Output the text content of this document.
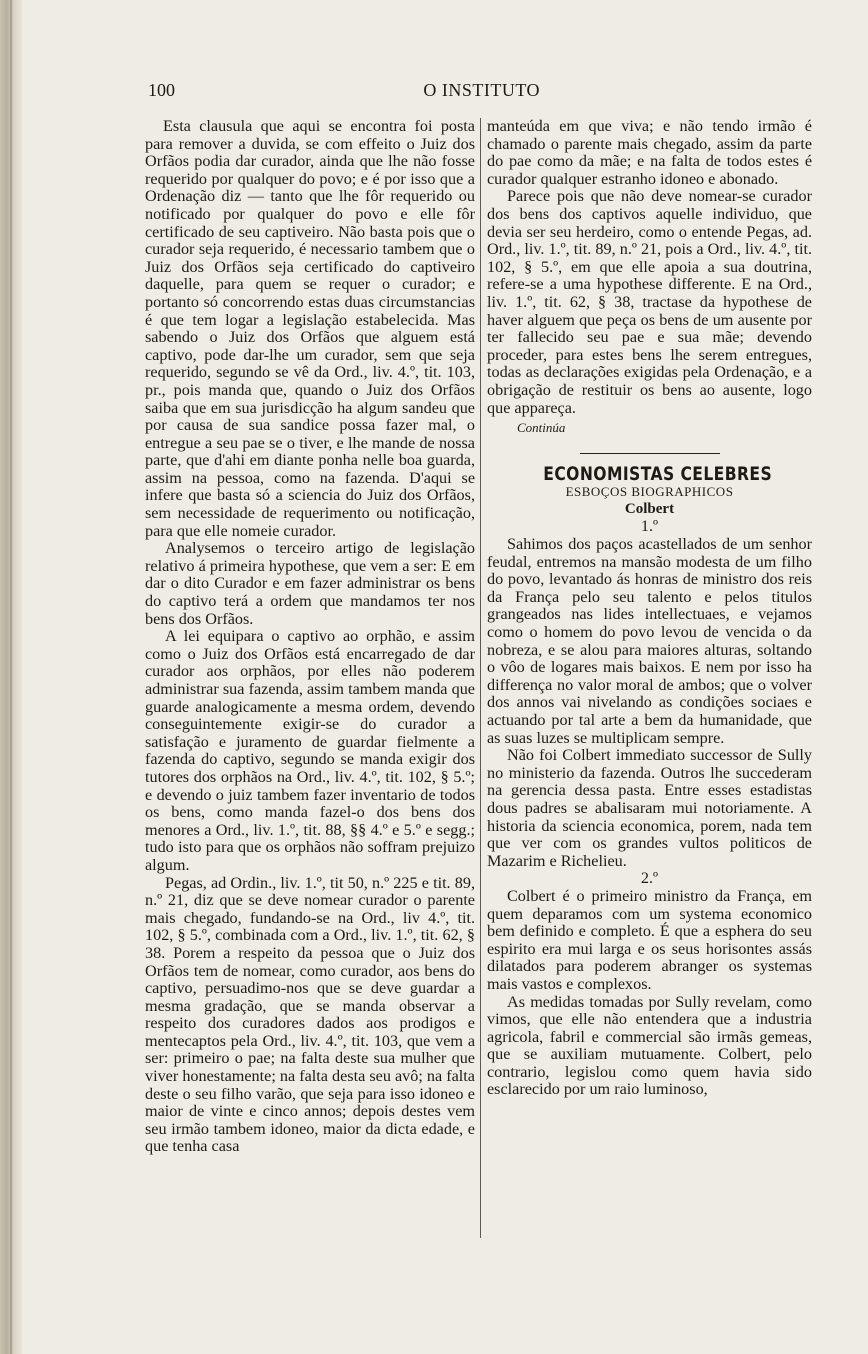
100	O INSTITUTO

Esta clausula que aqui se encontra foi posta para remover a duvida, se com effeito o Juiz dos Orfãos podia dar curador, ainda que lhe não fosse requerido por qualquer do povo; e é por isso que a Ordenação diz — tanto que lhe fôr requerido ou notificado por qualquer do povo e elle fôr certificado de seu captiveiro. Não basta pois que o curador seja requerido, é necessario tambem que o Juiz dos Orfãos seja certificado do captiveiro daquelle, para quem se requer o curador; e portanto só concorrendo estas duas circumstancias é que tem logar a legislação estabelecida. Mas sabendo o Juiz dos Orfãos que alguem está captivo, pode dar-lhe um curador, sem que seja requerido, segundo se vê da Ord., liv. 4.º, tit. 103, pr., pois manda que, quando o Juiz dos Orfãos saiba que em sua jurisdicção ha algum sandeu que por causa de sua sandice possa fazer mal, o entregue a seu pae se o tiver, e lhe mande de nossa parte, que d'ahi em diante ponha nelle boa guarda, assim na pessoa, como na fazenda. D'aqui se infere que basta só a sciencia do Juiz dos Orfãos, sem necessidade de requerimento ou notificação, para que elle nomeie curador.

Analysemos o terceiro artigo de legislação relativo á primeira hypothese, que vem a ser: E em dar o dito Curador e em fazer administrar os bens do captivo terá a ordem que mandamos ter nos bens dos Orfãos.

A lei equipara o captivo ao orphão, e assim como o Juiz dos Orfãos está encarregado de dar curador aos orphãos, por elles não poderem administrar sua fazenda, assim tambem manda que guarde analogicamente a mesma ordem, devendo conseguintemente exigir-se do curador a satisfação e juramento de guardar fielmente a fazenda do captivo, segundo se manda exigir dos tutores dos orphãos na Ord., liv. 4.º, tit. 102, § 5.º; e devendo o juiz tambem fazer inventario de todos os bens, como manda fazel-o dos bens dos menores a Ord., liv. 1.º, tit. 88, §§ 4.º e 5.º e segg.; tudo isto para que os orphãos não soffram prejuizo algum.

Pegas, ad Ordin., liv. 1.º, tit 50, n.º 225 e tit. 89, n.º 21, diz que se deve nomear curador o parente mais chegado, fundando-se na Ord., liv 4.º, tit. 102, § 5.º, combinada com a Ord., liv. 1.º, tit. 62, § 38. Porem a respeito da pessoa que o Juiz dos Orfãos tem de nomear, como curador, aos bens do captivo, persuadimo-nos que se deve guardar a mesma gradação, que se manda observar a respeito dos curadores dados aos prodigos e mentecaptos pela Ord., liv. 4.º, tit. 103, que vem a ser: primeiro o pae; na falta deste sua mulher que viver honestamente; na falta desta seu avô; na falta deste o seu filho varão, que seja para isso idoneo e maior de vinte e cinco annos; depois destes vem seu irmão tambem idoneo, maior da dicta edade, e que tenha casa

manteúda em que viva; e não tendo irmão é chamado o parente mais chegado, assim da parte do pae como da mãe; e na falta de todos estes é curador qualquer estranho idoneo e abonado.

Parece pois que não deve nomear-se curador dos bens dos captivos aquelle individuo, que devia ser seu herdeiro, como o entende Pegas, ad. Ord., liv. 1.º, tit. 89, n.º 21, pois a Ord., liv. 4.º, tit. 102, § 5.º, em que elle apoia a sua doutrina, refere-se a uma hypothese differente. E na Ord., liv. 1.º, tit. 62, § 38, tractase da hypothese de haver alguem que peça os bens de um ausente por ter fallecido seu pae e sua mãe; devendo proceder, para estes bens lhe serem entregues, todas as declarações exigidas pela Ordenação, e a obrigação de restituir os bens ao ausente, logo que appareça.

Continúa

ECONOMISTAS CELEBRES

ESBOÇOS BIOGRAPHICOS

Colbert

1.º

Sahimos dos paços acastellados de um senhor feudal, entremos na mansão modesta de um filho do povo, levantado ás honras de ministro dos reis da França pelo seu talento e pelos titulos grangeados nas lides intellectuaes, e vejamos como o homem do povo levou de vencida o da nobreza, e se alou para maiores alturas, soltando o vôo de logares mais baixos. E nem por isso ha differença no valor moral de ambos; que o volver dos annos vai nivelando as condições sociaes e actuando por tal arte a bem da humanidade, que as suas luzes se multiplicam sempre.

Não foi Colbert immediato successor de Sully no ministerio da fazenda. Outros lhe succederam na gerencia dessa pasta. Entre esses estadistas dous padres se abalisaram mui notoriamente. A historia da sciencia economica, porem, nada tem que ver com os grandes vultos politicos de Mazarim e Richelieu.

2.º

Colbert é o primeiro ministro da França, em quem deparamos com um systema economico bem definido e completo. É que a esphera do seu espirito era mui larga e os seus horisontes assás dilatados para poderem abranger os systemas mais vastos e complexos.

As medidas tomadas por Sully revelam, como vimos, que elle não entendera que a industria agricola, fabril e commercial são irmãs gemeas, que se auxiliam mutuamente. Colbert, pelo contrario, legislou como quem havia sido esclarecido por um raio luminoso,
